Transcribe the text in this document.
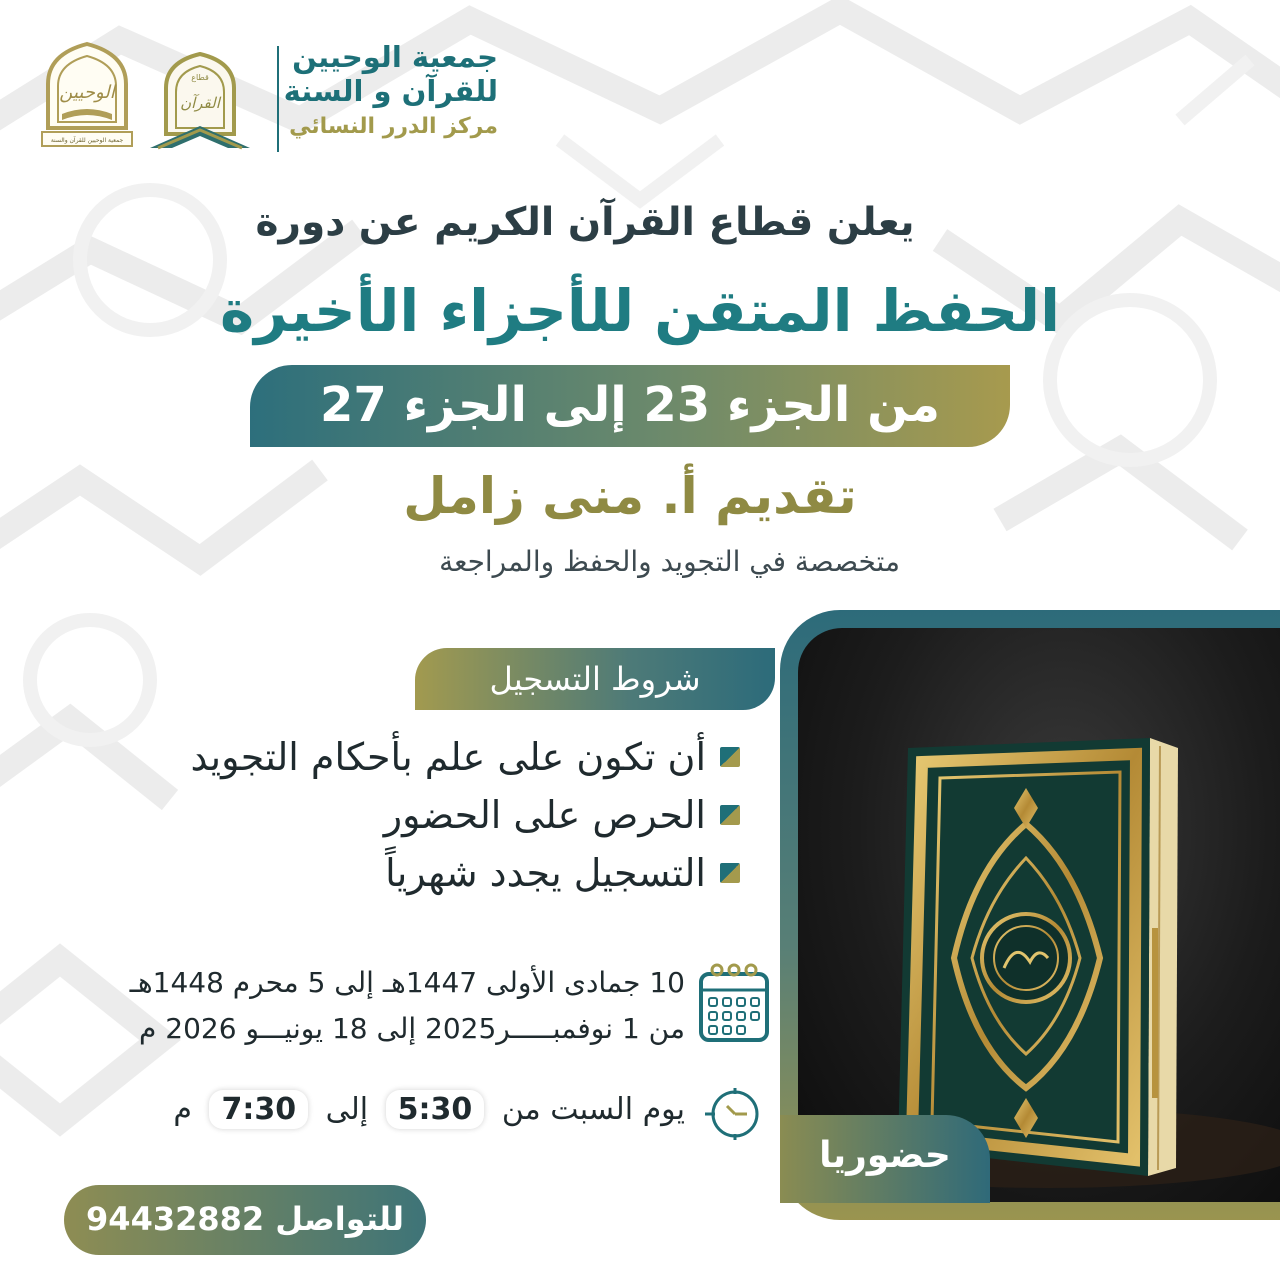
جمعية الوحيين
للقرآن و السنة
مركز الدرر النسائي
القرآن
قطاع
الوحيين
جمعية الوحيين للقرآن والسنة
يعلن قطاع القرآن الكريم عن دورة
الحفظ المتقن للأجزاء الأخيرة
من الجزء 23 إلى الجزء 27
تقديم أ. منى زامل
متخصصة في التجويد والحفظ والمراجعة
حضوريا
شروط التسجيل
أن تكون على علم بأحكام التجويد
الحرص على الحضور
التسجيل يجدد شهرياً
10 جمادى الأولى 1447هـ إلى 5 محرم 1448هـ
من 1 نوفمبـــــر2025 إلى 18 يونيـــو 2026 م
يوم السبت من 5:30 إلى 7:30 م
للتواصل 94432882
